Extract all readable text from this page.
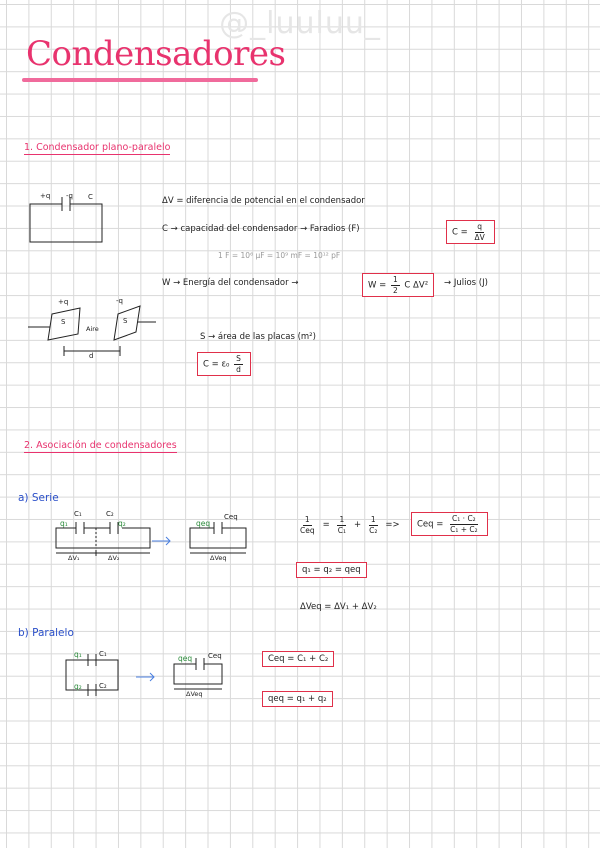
@_luuluu_
Condensadores
1. Condensador plano-paralelo
+q -q C
+q	-q
S	S
Aire
d
ΔV = diferencia de potencial en el condensador
C → capacidad del condensador → Faradios (F)	$C = \frac{q}{\Delta V}$
1 F = 10⁶ µF = 10⁹ mF = 10¹² pF
W → Energía del condensador →	$W = \frac{1}{2}$ C ΔV²	→ Julios (J)
S → área de las placas (m²)
$C = \varepsilon_0 \frac{S}{d}$
2. Asociación de condensadores
a) Serie
C₁	C₂
q₁	q₂
ΔV₁	ΔV₂
Ceq
qeq
ΔVeq
$\frac{1}{\text{Ceq}} = \frac{1}{\text{C₁}} + \frac{1}{\text{C₂}}$ =>	Ceq = $\frac{\text{C₁ · C₂}}{\text{C₁ + C₂}}$
q₁ = q₂ = qeq
ΔVeq = ΔV₁ + ΔV₂
b) Paralelo
C₁
C₂
q₁
q₂
Ceq
qeq
ΔVeq
Ceq = C₁ + C₂
qeq = q₁ + q₂
